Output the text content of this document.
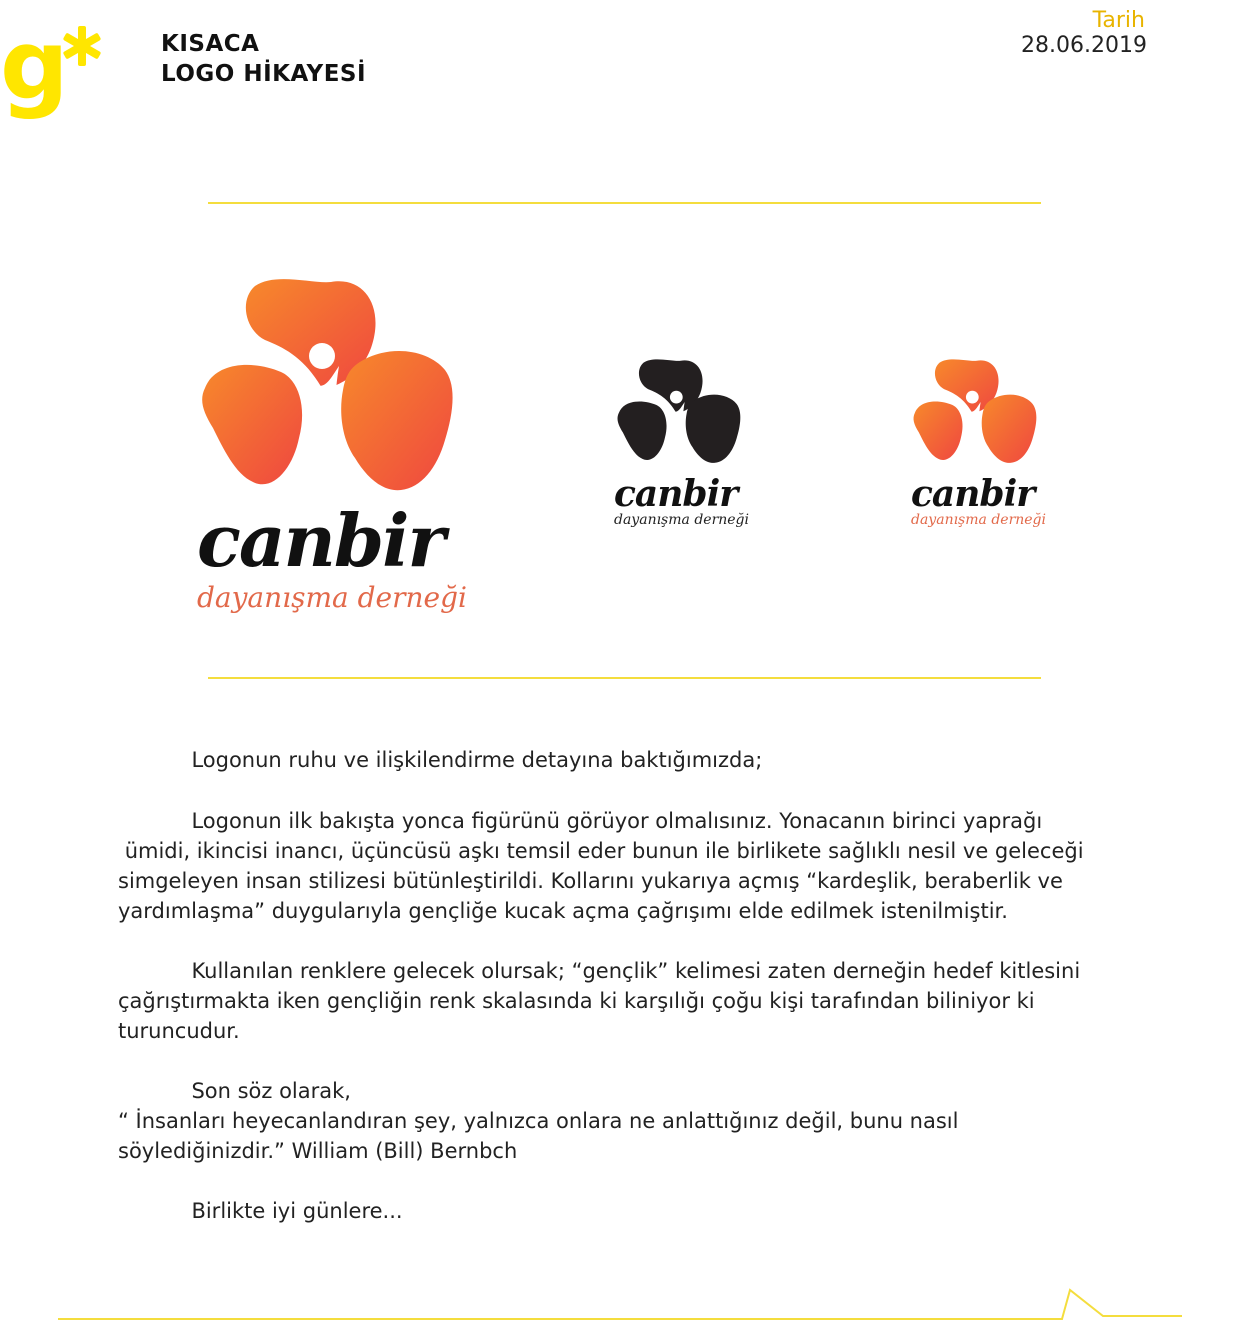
g	KISACA
LOGO HİKAYESİ
Tarih
28.06.2019
canbir
dayanışma derneği
canbir
dayanışma derneği
canbir
dayanışma derneği

Logonun ruhu ve ilişkilendirme detayına baktığımızda;

Logonun ilk bakışta yonca figürünü görüyor olmalısınız. Yonacanın birinci yaprağı
ümidi, ikincisi inancı, üçüncüsü aşkı temsil eder bunun ile birlikete sağlıklı nesil ve geleceği
simgeleyen insan stilizesi bütünleştirildi. Kollarını yukarıya açmış “kardeşlik, beraberlik ve
yardımlaşma” duygularıyla gençliğe kucak açma çağrışımı elde edilmek istenilmiştir.

Kullanılan renklere gelecek olursak; “gençlik” kelimesi zaten derneğin hedef kitlesini
çağrıştırmakta iken gençliğin renk skalasında ki karşılığı çoğu kişi tarafından biliniyor ki
turuncudur.

Son söz olarak,
“ İnsanları heyecanlandıran şey, yalnızca onlara ne anlattığınız değil, bunu nasıl
söylediğinizdir.” William (Bill) Bernbch

Birlikte iyi günlere...
